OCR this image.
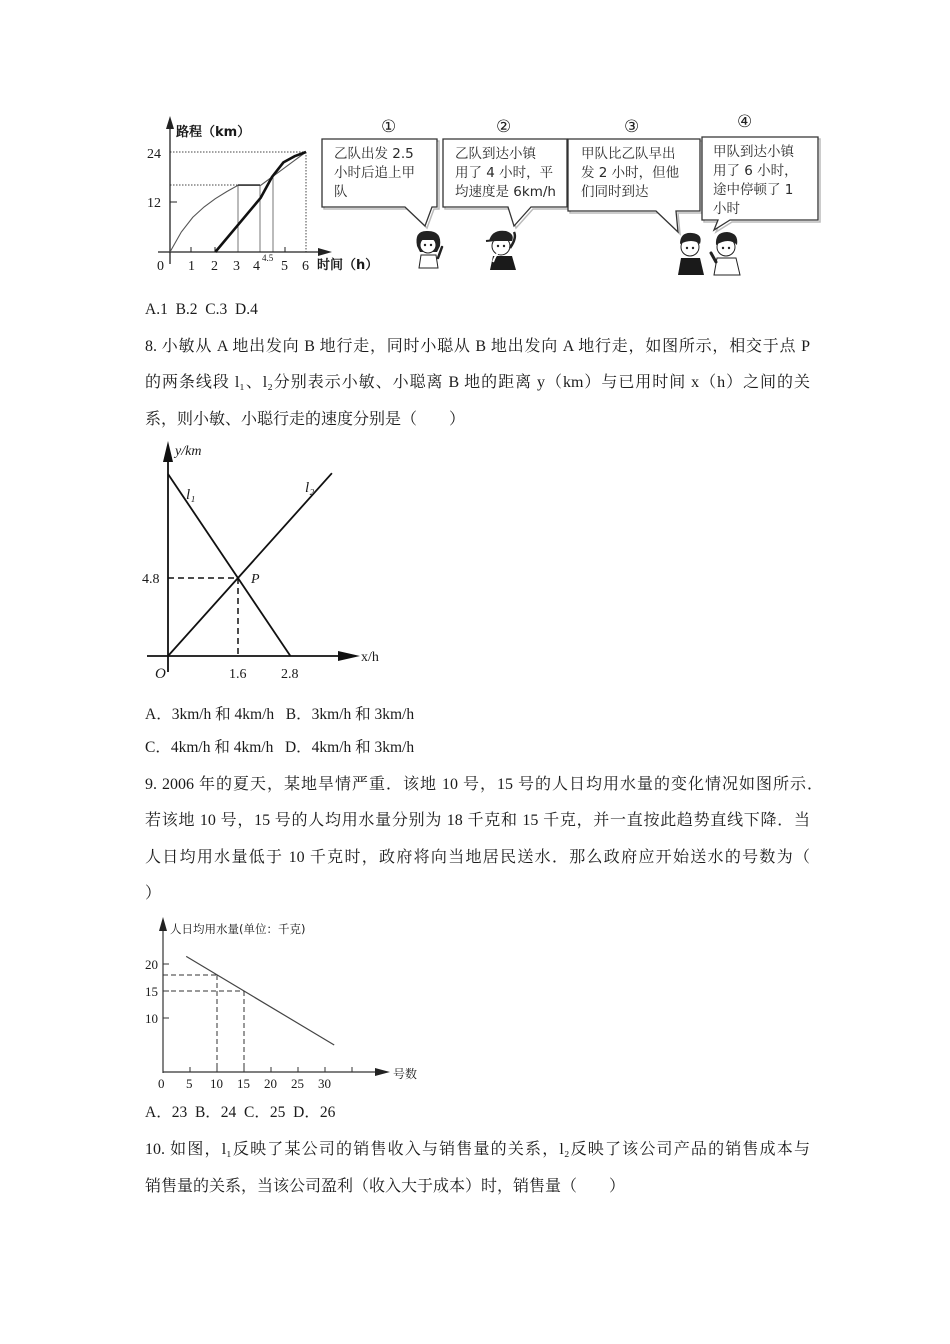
路程（km）
24
12
0 1 2 3 4
4.5
5 6 时间（h）
①	②	③	④
乙队出发 2.5
小时后追上甲
队
乙队到达小镇
用了 4 小时，平
均速度是 6km/h
甲队比乙队早出
发 2 小时，但他
们同时到达
甲队到达小镇
用了 6 小时，
途中停顿了 1
小时
A.1  B.2  C.3  D.4
8. 小敏从 A 地出发向 B 地行走，同时小聪从 B 地出发向 A 地行走，如图所示，相交于点 P
的两条线段 l₁、l₂分别表示小敏、小聪离 B 地的距离 y（km）与已用时间 x（h）之间的关
系，则小敏、小聪行走的速度分别是（　　）
y/km
l₁	l₂
4.8	P
O	1.6 2.8
x/h
A．3km/h 和 4km/h   B．3km/h 和 3km/h
C．4km/h 和 4km/h   D．4km/h 和 3km/h
9. 2006 年的夏天，某地旱情严重．该地 10 号，15 号的人日均用水量的变化情况如图所示．
若该地 10 号，15 号的人均用水量分别为 18 千克和 15 千克，并一直按此趋势直线下降．当
人日均用水量低于 10 千克时，政府将向当地居民送水．那么政府应开始送水的号数为（
）
人日均用水量(单位：千克)
20
15
10
0 5 10 15 20 25 30
号数
A．23  B．24  C．25  D．26
10. 如图，l₁反映了某公司的销售收入与销售量的关系，l₂反映了该公司产品的销售成本与
销售量的关系，当该公司盈利（收入大于成本）时，销售量（　　）
